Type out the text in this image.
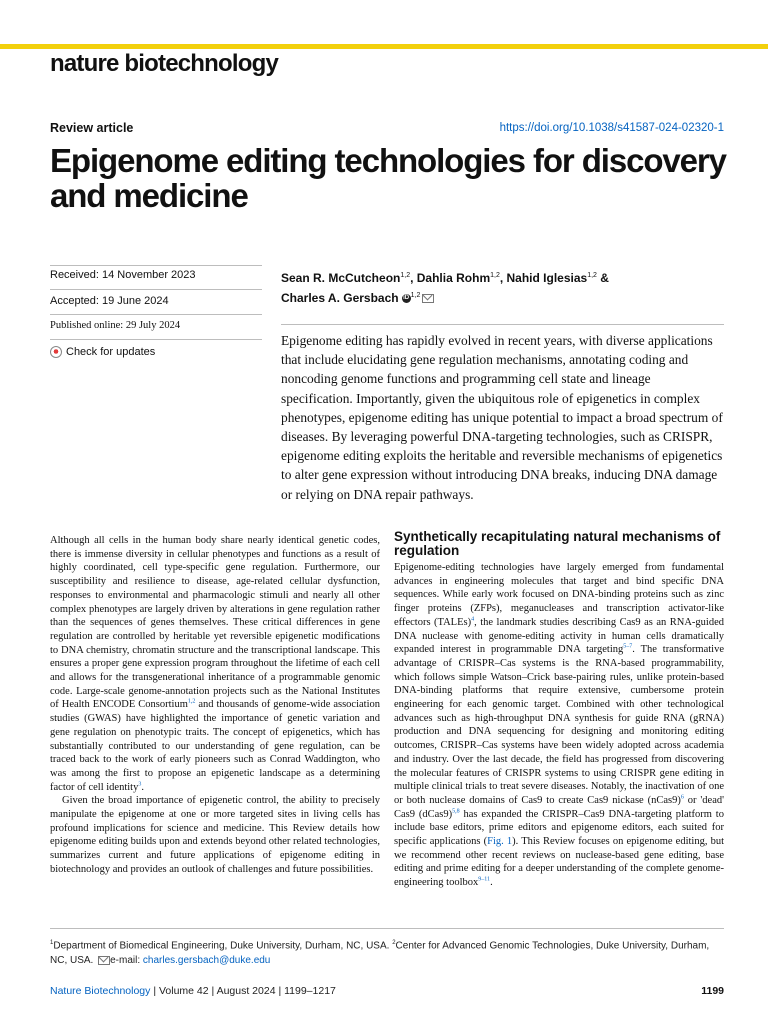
nature biotechnology
Review article	https://doi.org/10.1038/s41587-024-02320-1
Epigenome editing technologies for discovery and medicine
Received: 14 November 2023
Accepted: 19 June 2024
Published online: 29 July 2024
Check for updates
Sean R. McCutcheon$^{1,2}$, Dahlia Rohm$^{1,2}$, Nahid Iglesias$^{1,2}$ &
Charles A. Gersbach iD $^{1,2}$

Epigenome editing has rapidly evolved in recent years, with diverse applications that include elucidating gene regulation mechanisms, annotating coding and noncoding genome functions and programming cell state and lineage specification. Importantly, given the ubiquitous role of epigenetics in complex phenotypes, epigenome editing has unique potential to impact a broad spectrum of diseases. By leveraging powerful DNA-targeting technologies, such as CRISPR, epigenome editing exploits the heritable and reversible mechanisms of epigenetics to alter gene expression without introducing DNA breaks, inducing DNA damage or relying on DNA repair pathways.

Although all cells in the human body share nearly identical genetic codes, there is immense diversity in cellular phenotypes and functions as a result of highly coordinated, cell type-specific gene regulation. Furthermore, our susceptibility and resilience to disease, age-related cellular dysfunction, responses to environmental and pharmacologic stimuli and nearly all other complex phenotypes are largely driven by alterations in gene regulation rather than the sequences of genes themselves. These critical differences in gene regulation are controlled by heritable yet reversible epigenetic modifications to DNA chemistry, chromatin structure and the transcriptional landscape. This ensures a proper gene expression program throughout the lifetime of each cell and allows for the transgenerational inheritance of a programmable genomic code. Large-scale genome-annotation projects such as the National Institutes of Health ENCODE Consortium$^{1,2}$ and thousands of genome-wide association studies (GWAS) have highlighted the importance of genetic variation and gene regulation on phenotypic traits. The concept of epigenetics, which has substantially contributed to our understanding of gene regulation, can be traced back to the work of early pioneers such as Conrad Waddington, who was among the first to propose an epigenetic landscape as a determining factor of cell identity$^3$.

Given the broad importance of epigenetic control, the ability to precisely manipulate the epigenome at one or more targeted sites in living cells has profound implications for science and medicine. This Review details how epigenome editing builds upon and extends beyond other related technologies, summarizes current and future applications of epigenome editing in biotechnology and provides an outlook of challenges and future possibilities.

Synthetically recapitulating natural mechanisms of regulation

Epigenome-editing technologies have largely emerged from fundamental advances in engineering molecules that target and bind specific DNA sequences. While early work focused on DNA-binding proteins such as zinc finger proteins (ZFPs), meganucleases and transcription activator-like effectors (TALEs)$^4$, the landmark studies describing Cas9 as an RNA-guided DNA nuclease with genome-editing activity in human cells dramatically expanded interest in programmable DNA targeting$^{5-7}$. The transformative advantage of CRISPR–Cas systems is the RNA-based programmability, which follows simple Watson–Crick base-pairing rules, unlike protein-based DNA-binding platforms that require extensive, cumbersome protein engineering for each genomic target. Combined with other technological advances such as high-throughput DNA synthesis for guide RNA (gRNA) production and DNA sequencing for designing and monitoring editing outcomes, CRISPR–Cas systems have been widely adopted across academia and industry. Over the last decade, the field has progressed from discovering the molecular features of CRISPR systems to using CRISPR gene editing in multiple clinical trials to treat severe diseases. Notably, the inactivation of one or both nuclease domains of Cas9 to create Cas9 nickase (nCas9)$^6$ or 'dead' Cas9 (dCas9)$^{5,8}$ has expanded the CRISPR–Cas9 DNA-targeting platform to include base editors, prime editors and epigenome editors, each suited for specific applications (Fig. 1). This Review focuses on epigenome editing, but we recommend other recent reviews on nuclease-based gene editing, base editing and prime editing for a deeper understanding of the complete genome-engineering toolbox$^{9-11}$.

$^1$Department of Biomedical Engineering, Duke University, Durham, NC, USA. $^2$Center for Advanced Genomic Technologies, Duke University, Durham, NC, USA. e-mail: charles.gersbach@duke.edu
Nature Biotechnology | Volume 42 | August 2024 | 1199–1217	1199
